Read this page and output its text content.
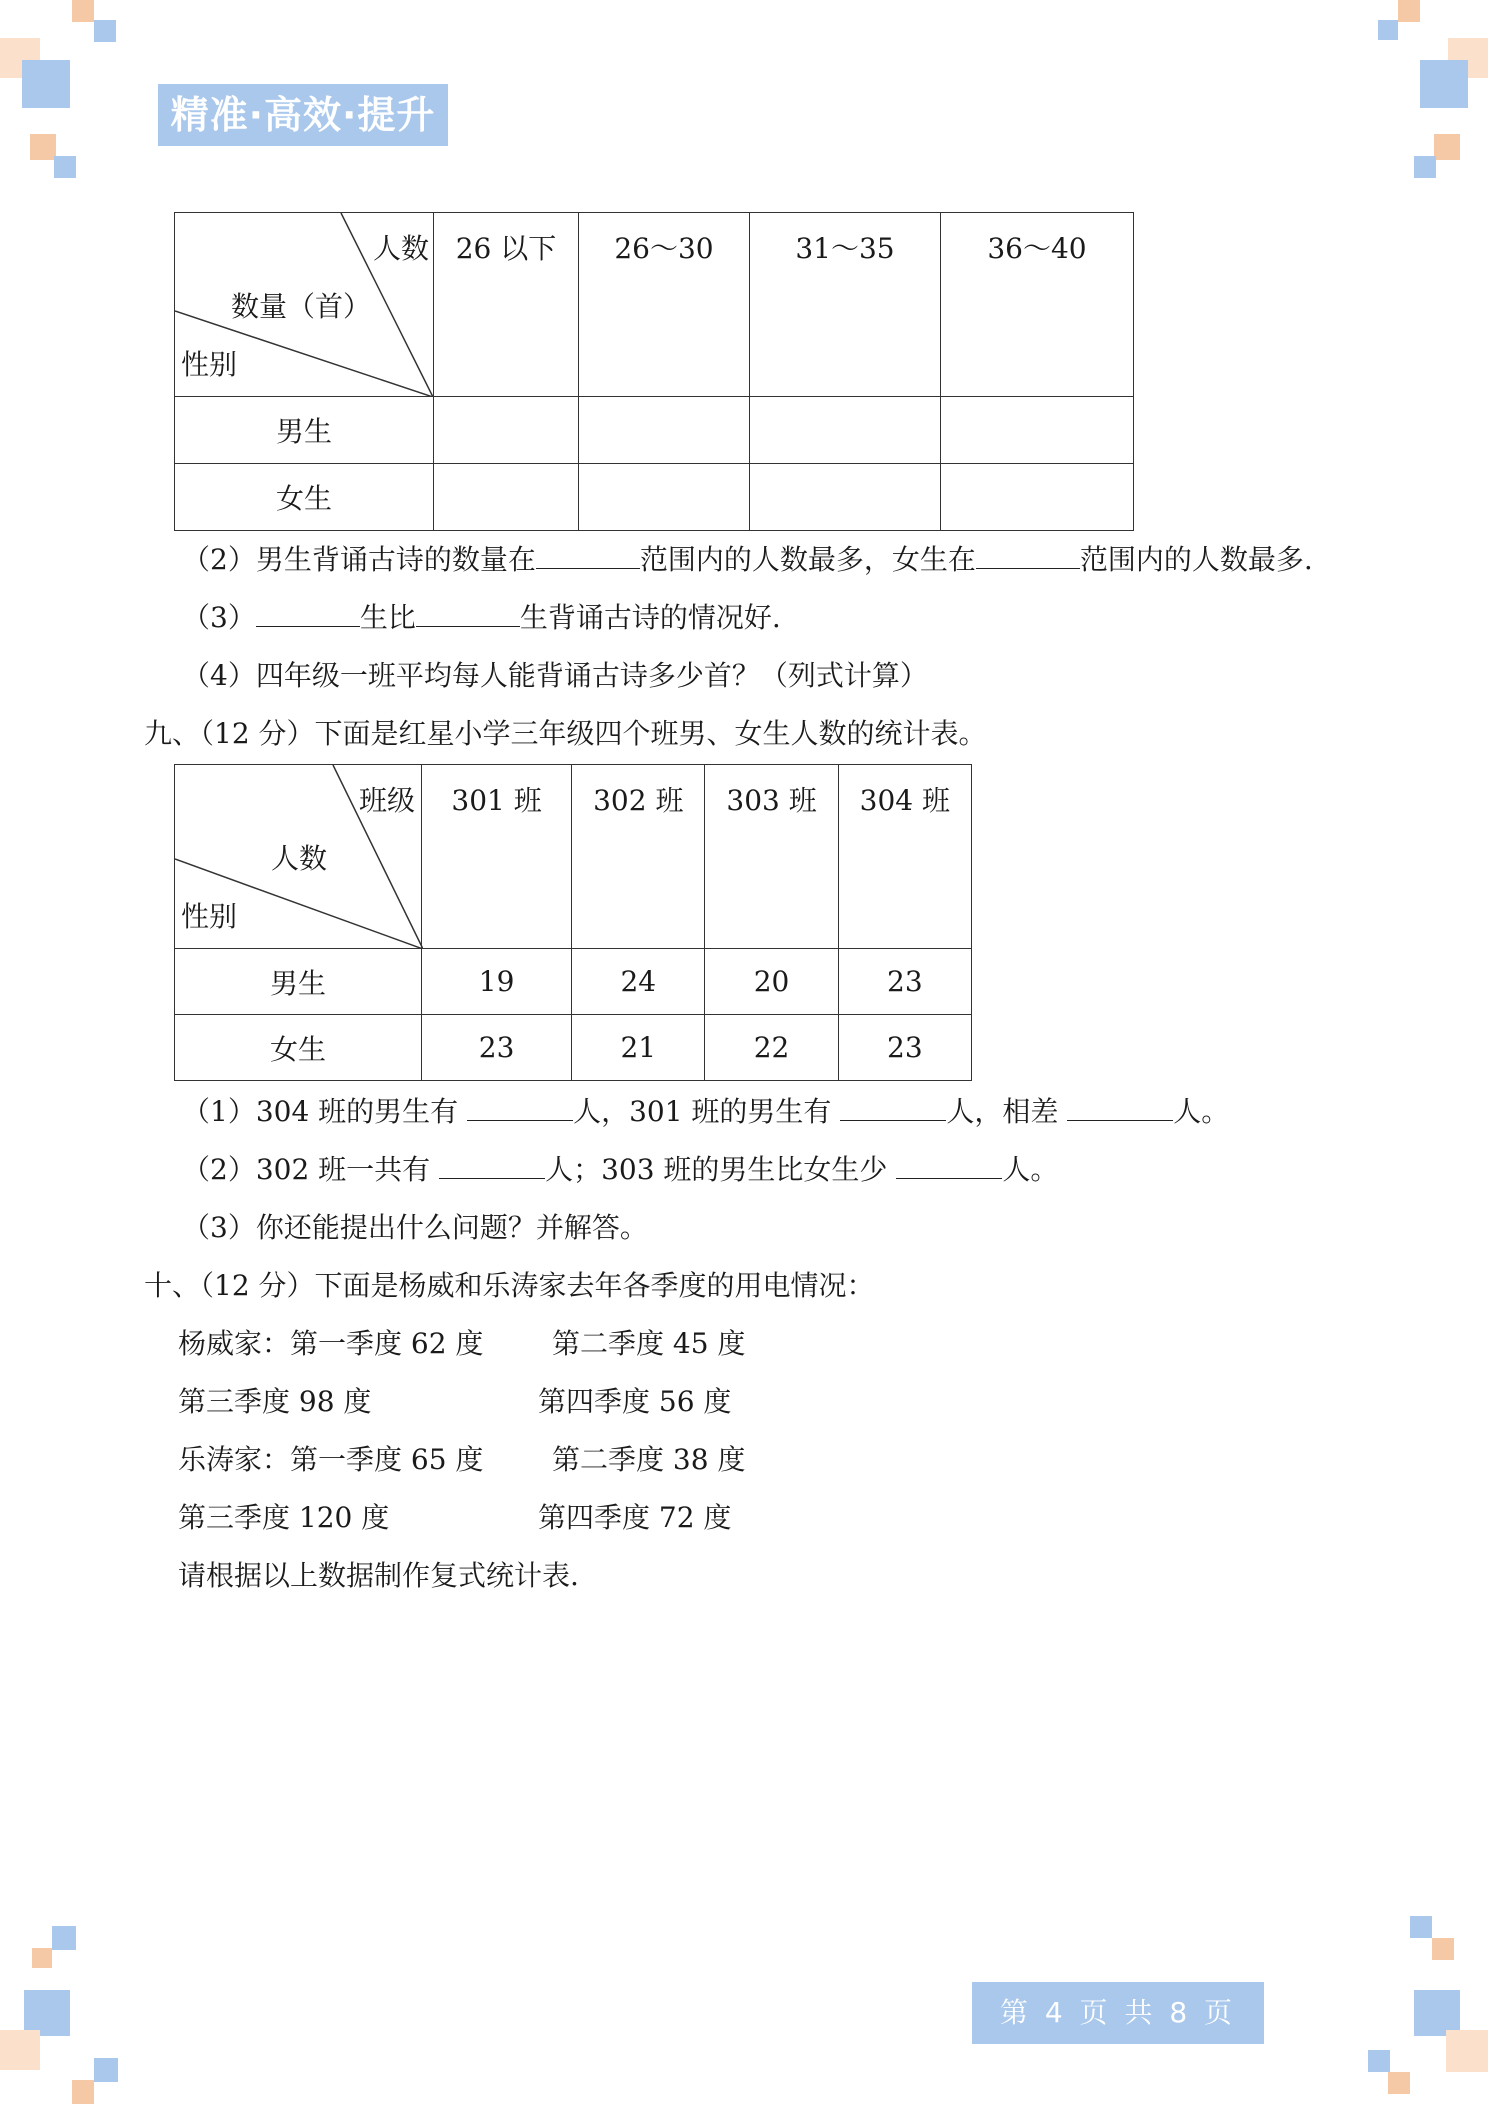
精准·高效·提升
人数
数量（首）
性别	26 以下	26～30	31～35	36～40
男生				
女生				
（2）男生背诵古诗的数量在	范围内的人数最多，女生在	范围内的人数最多.
（3）	生比	生背诵古诗的情况好.
（4）四年级一班平均每人能背诵古诗多少首？（列式计算）
九、（12 分）下面是红星小学三年级四个班男、女生人数的统计表。
班级
人数
性别	301 班	302 班	303 班	304 班
男生	19	24	20	23
女生	23	21	22	23
（1）304 班的男生有	人，301 班的男生有	人，相差	人。
（2）302 班一共有	人；303 班的男生比女生少	人。
（3）你还能提出什么问题？并解答。
十、（12 分）下面是杨威和乐涛家去年各季度的用电情况：
杨威家：第一季度 62 度 第二季度 45 度
第三季度 98 度	第四季度 56 度
乐涛家：第一季度 65 度 第二季度 38 度
第三季度 120 度	第四季度 72 度
请根据以上数据制作复式统计表.
第 4 页 共 8 页
